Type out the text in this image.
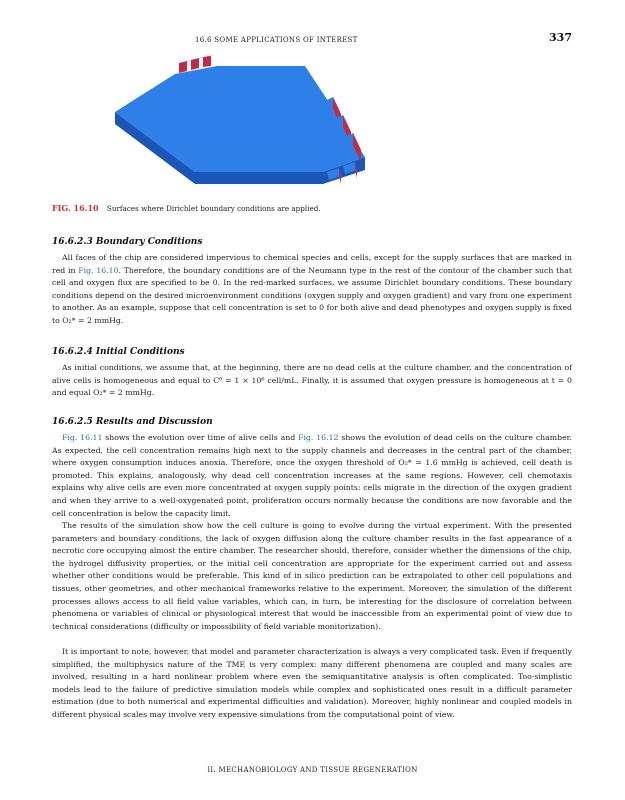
16.6 SOME APPLICATIONS OF INTEREST	337
FIG. 16.10 Surfaces where Dirichlet boundary conditions are applied.
16.6.2.3 Boundary Conditions

All faces of the chip are considered impervious to chemical species and cells, except for the supply surfaces that are marked in red in Fig. 16.10. Therefore, the boundary conditions are of the Neumann type in the rest of the contour of the chamber such that cell and oxygen flux are specified to be 0. In the red-marked surfaces, we assume Dirichlet boundary conditions. These boundary conditions depend on the desired microenvironment conditions (oxygen supply and oxygen gradient) and vary from one experiment to another. As an example, suppose that cell concentration is set to 0 for both alive and dead phenotypes and oxygen supply is fixed to O₂* = 2 mmHg.

16.6.2.4 Initial Conditions

As initial conditions, we assume that, at the beginning, there are no dead cells at the culture chamber, and the concentration of alive cells is homogeneous and equal to C⁰ = 1 × 10⁶ cell/mL. Finally, it is assumed that oxygen pressure is homogeneous at t = 0 and equal O₂* = 2 mmHg.

16.6.2.5 Results and Discussion

Fig. 16.11 shows the evolution over time of alive cells and Fig. 16.12 shows the evolution of dead cells on the culture chamber. As expected, the cell concentration remains high next to the supply channels and decreases in the central part of the chamber, where oxygen consumption induces anoxia. Therefore, once the oxygen threshold of O₂* = 1.6 mmHg is achieved, cell death is promoted. This explains, analogously, why dead cell concentration increases at the same regions. However, cell chemotaxis explains why alive cells are even more concentrated at oxygen supply points: cells migrate in the direction of the oxygen gradient and when they arrive to a well-oxygenated point, proliferation occurs normally because the conditions are now favorable and the cell concentration is below the capacity limit.

The results of the simulation show how the cell culture is going to evolve during the virtual experiment. With the presented parameters and boundary conditions, the lack of oxygen diffusion along the culture chamber results in the fast appearance of a necrotic core occupying almost the entire chamber. The researcher should, therefore, consider whether the dimensions of the chip, the hydrogel diffusivity properties, or the initial cell concentration are appropriate for the experiment carried out and assess whether other conditions would be preferable. This kind of in silico prediction can be extrapolated to other cell populations and tissues, other geometries, and other mechanical frameworks relative to the experiment. Moreover, the simulation of the different processes allows access to all field value variables, which can, in turn, be interesting for the disclosure of correlation between phenomena or variables of clinical or physiological interest that would be inaccessible from an experimental point of view due to technical considerations (difficulty or impossibility of field variable monitorization).

It is important to note, however, that model and parameter characterization is always a very complicated task. Even if frequently simplified, the multiphysics nature of the TME is very complex: many different phenomena are coupled and many scales are involved, resulting in a hard nonlinear problem where even the semiquantitative analysis is often complicated. Too-simplistic models lead to the failure of predictive simulation models while complex and sophisticated ones result in a difficult parameter estimation (due to both numerical and experimental difficulties and validation). Moreover, highly nonlinear and coupled models in different physical scales may involve very expensive simulations from the computational point of view.

II. MECHANOBIOLOGY AND TISSUE REGENERATION
